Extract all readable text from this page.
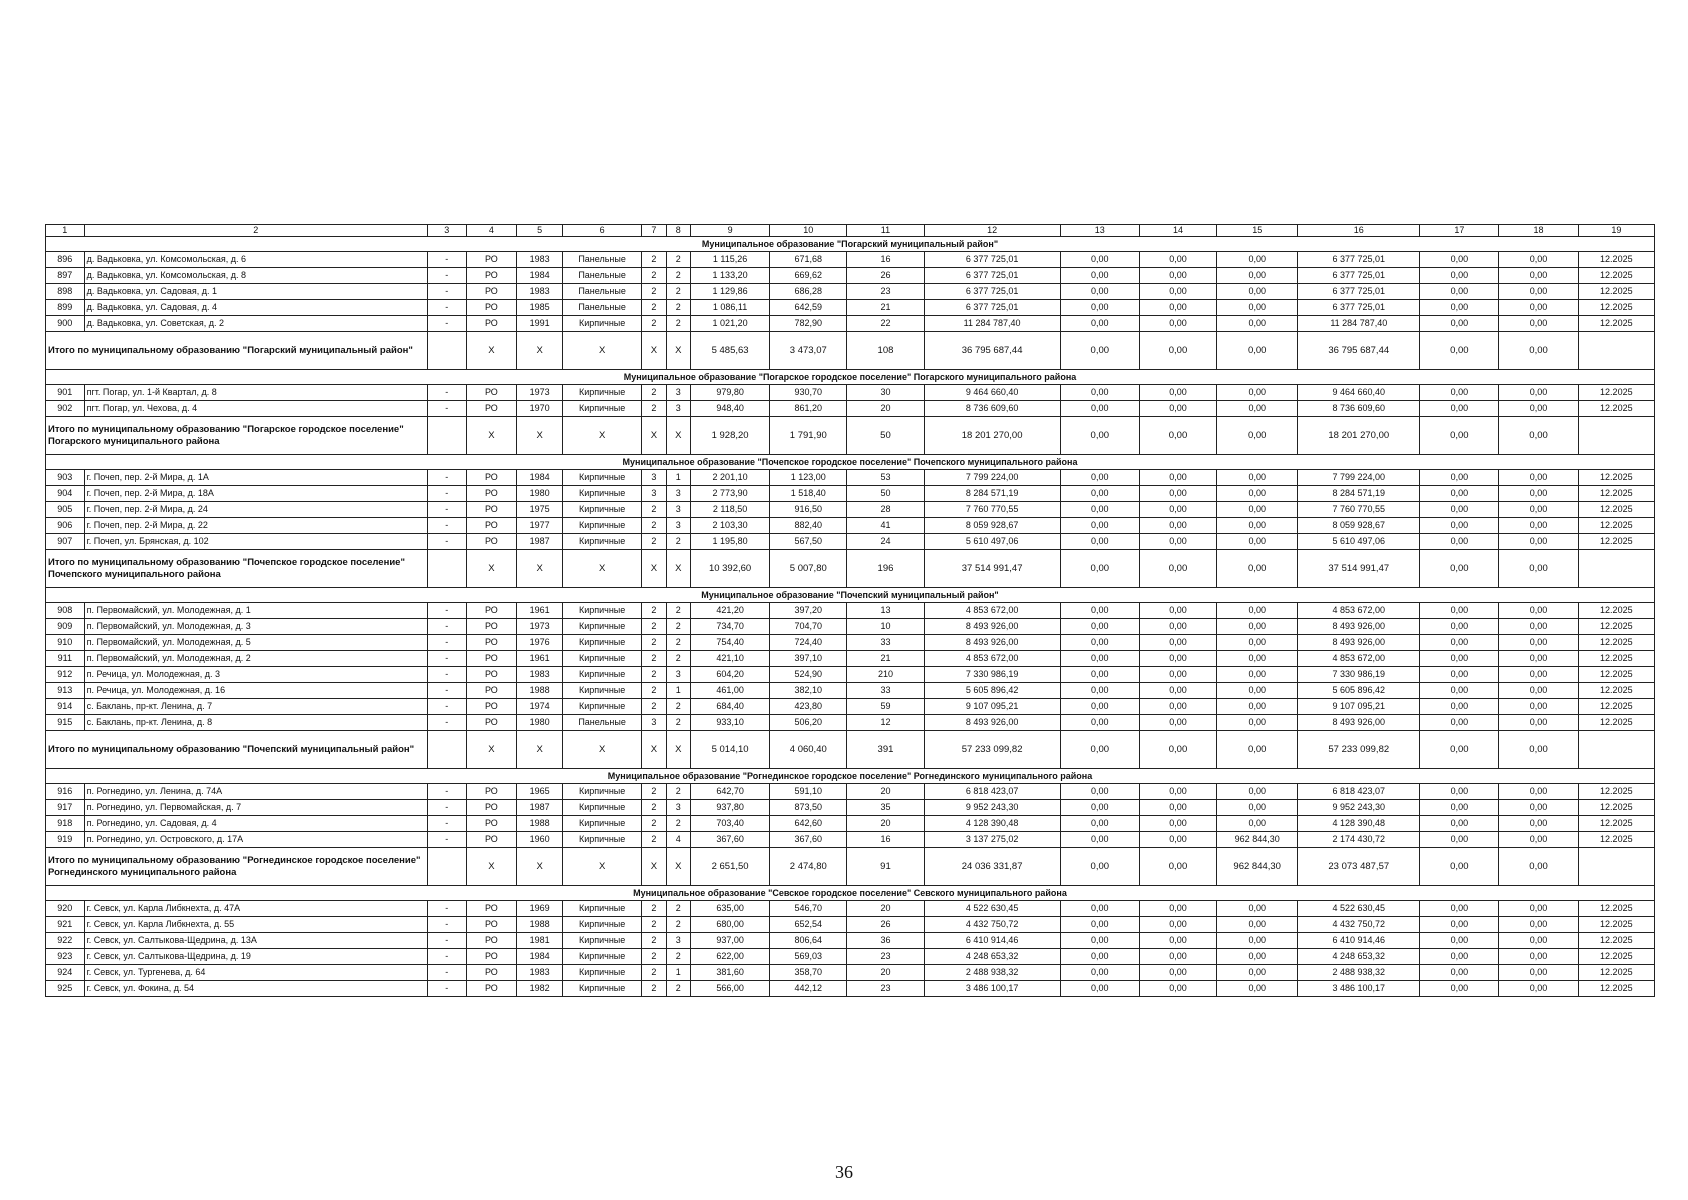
1	2	3	4	5	6	7	8	9	10	11	12	13	14	15	16	17	18	19
Муниципальное образование "Погарский муниципальный район"																		
896	д. Вадьковка, ул. Комсомольская, д. 6	-	РО	1983	Панельные	2	2	1 115,26	671,68	16	6 377 725,01	0,00	0,00	0,00	6 377 725,01	0,00	0,00	12.2025
897	д. Вадьковка, ул. Комсомольская, д. 8	-	РО	1984	Панельные	2	2	1 133,20	669,62	26	6 377 725,01	0,00	0,00	0,00	6 377 725,01	0,00	0,00	12.2025
898	д. Вадьковка, ул. Садовая, д. 1	-	РО	1983	Панельные	2	2	1 129,86	686,28	23	6 377 725,01	0,00	0,00	0,00	6 377 725,01	0,00	0,00	12.2025
899	д. Вадьковка, ул. Садовая, д. 4	-	РО	1985	Панельные	2	2	1 086,11	642,59	21	6 377 725,01	0,00	0,00	0,00	6 377 725,01	0,00	0,00	12.2025
900	д. Вадьковка, ул. Советская, д. 2	-	РО	1991	Кирпичные	2	2	1 021,20	782,90	22	11 284 787,40	0,00	0,00	0,00	11 284 787,40	0,00	0,00	12.2025
Итого по муниципальному образованию "Погарский муниципальный район"			Х	Х	Х	Х	Х	5 485,63	3 473,07	108	36 795 687,44	0,00	0,00	0,00	36 795 687,44	0,00	0,00	
Муниципальное образование "Погарское городское поселение" Погарского муниципального района																		
901	пгт. Погар, ул. 1-й Квартал, д. 8	-	РО	1973	Кирпичные	2	3	979,80	930,70	30	9 464 660,40	0,00	0,00	0,00	9 464 660,40	0,00	0,00	12.2025
902	пгт. Погар, ул. Чехова, д. 4	-	РО	1970	Кирпичные	2	3	948,40	861,20	20	8 736 609,60	0,00	0,00	0,00	8 736 609,60	0,00	0,00	12.2025
Итого по муниципальному образованию "Погарское городское поселение" Погарского муниципального района			Х	Х	Х	Х	Х	1 928,20	1 791,90	50	18 201 270,00	0,00	0,00	0,00	18 201 270,00	0,00	0,00	
Муниципальное образование "Почепское городское поселение" Почепского муниципального района																		
903	г. Почеп, пер. 2-й Мира, д. 1А	-	РО	1984	Кирпичные	3	1	2 201,10	1 123,00	53	7 799 224,00	0,00	0,00	0,00	7 799 224,00	0,00	0,00	12.2025
904	г. Почеп, пер. 2-й Мира, д. 18А	-	РО	1980	Кирпичные	3	3	2 773,90	1 518,40	50	8 284 571,19	0,00	0,00	0,00	8 284 571,19	0,00	0,00	12.2025
905	г. Почеп, пер. 2-й Мира, д. 24	-	РО	1975	Кирпичные	2	3	2 118,50	916,50	28	7 760 770,55	0,00	0,00	0,00	7 760 770,55	0,00	0,00	12.2025
906	г. Почеп, пер. 2-й Мира, д. 22	-	РО	1977	Кирпичные	2	3	2 103,30	882,40	41	8 059 928,67	0,00	0,00	0,00	8 059 928,67	0,00	0,00	12.2025
907	г. Почеп, ул. Брянская, д. 102	-	РО	1987	Кирпичные	2	2	1 195,80	567,50	24	5 610 497,06	0,00	0,00	0,00	5 610 497,06	0,00	0,00	12.2025
Итого по муниципальному образованию "Почепское городское поселение" Почепского муниципального района			Х	Х	Х	Х	Х	10 392,60	5 007,80	196	37 514 991,47	0,00	0,00	0,00	37 514 991,47	0,00	0,00	
Муниципальное образование "Почепский муниципальный район"																		
908	п. Первомайский, ул. Молодежная, д. 1	-	РО	1961	Кирпичные	2	2	421,20	397,20	13	4 853 672,00	0,00	0,00	0,00	4 853 672,00	0,00	0,00	12.2025
909	п. Первомайский, ул. Молодежная, д. 3	-	РО	1973	Кирпичные	2	2	734,70	704,70	10	8 493 926,00	0,00	0,00	0,00	8 493 926,00	0,00	0,00	12.2025
910	п. Первомайский, ул. Молодежная, д. 5	-	РО	1976	Кирпичные	2	2	754,40	724,40	33	8 493 926,00	0,00	0,00	0,00	8 493 926,00	0,00	0,00	12.2025
911	п. Первомайский, ул. Молодежная, д. 2	-	РО	1961	Кирпичные	2	2	421,10	397,10	21	4 853 672,00	0,00	0,00	0,00	4 853 672,00	0,00	0,00	12.2025
912	п. Речица, ул. Молодежная, д. 3	-	РО	1983	Кирпичные	2	3	604,20	524,90	210	7 330 986,19	0,00	0,00	0,00	7 330 986,19	0,00	0,00	12.2025
913	п. Речица, ул. Молодежная, д. 16	-	РО	1988	Кирпичные	2	1	461,00	382,10	33	5 605 896,42	0,00	0,00	0,00	5 605 896,42	0,00	0,00	12.2025
914	с. Баклань, пр-кт. Ленина, д. 7	-	РО	1974	Кирпичные	2	2	684,40	423,80	59	9 107 095,21	0,00	0,00	0,00	9 107 095,21	0,00	0,00	12.2025
915	с. Баклань, пр-кт. Ленина, д. 8	-	РО	1980	Панельные	3	2	933,10	506,20	12	8 493 926,00	0,00	0,00	0,00	8 493 926,00	0,00	0,00	12.2025
Итого по муниципальному образованию "Почепский муниципальный район"			Х	Х	Х	Х	Х	5 014,10	4 060,40	391	57 233 099,82	0,00	0,00	0,00	57 233 099,82	0,00	0,00	
Муниципальное образование "Рогнединское городское поселение" Рогнединского муниципального района																		
916	п. Рогнедино, ул. Ленина, д. 74А	-	РО	1965	Кирпичные	2	2	642,70	591,10	20	6 818 423,07	0,00	0,00	0,00	6 818 423,07	0,00	0,00	12.2025
917	п. Рогнедино, ул. Первомайская, д. 7	-	РО	1987	Кирпичные	2	3	937,80	873,50	35	9 952 243,30	0,00	0,00	0,00	9 952 243,30	0,00	0,00	12.2025
918	п. Рогнедино, ул. Садовая, д. 4	-	РО	1988	Кирпичные	2	2	703,40	642,60	20	4 128 390,48	0,00	0,00	0,00	4 128 390,48	0,00	0,00	12.2025
919	п. Рогнедино, ул. Островского, д. 17А	-	РО	1960	Кирпичные	2	4	367,60	367,60	16	3 137 275,02	0,00	0,00	962 844,30	2 174 430,72	0,00	0,00	12.2025
Итого по муниципальному образованию "Рогнединское городское поселение" Рогнединского муниципального района			Х	Х	Х	Х	Х	2 651,50	2 474,80	91	24 036 331,87	0,00	0,00	962 844,30	23 073 487,57	0,00	0,00	
Муниципальное образование "Севское городское поселение" Севского муниципального района																		
920	г. Севск, ул. Карла Либкнехта, д. 47А	-	РО	1969	Кирпичные	2	2	635,00	546,70	20	4 522 630,45	0,00	0,00	0,00	4 522 630,45	0,00	0,00	12.2025
921	г. Севск, ул. Карла Либкнехта, д. 55	-	РО	1988	Кирпичные	2	2	680,00	652,54	26	4 432 750,72	0,00	0,00	0,00	4 432 750,72	0,00	0,00	12.2025
922	г. Севск, ул. Салтыкова-Щедрина, д. 13А	-	РО	1981	Кирпичные	2	3	937,00	806,64	36	6 410 914,46	0,00	0,00	0,00	6 410 914,46	0,00	0,00	12.2025
923	г. Севск, ул. Салтыкова-Щедрина, д. 19	-	РО	1984	Кирпичные	2	2	622,00	569,03	23	4 248 653,32	0,00	0,00	0,00	4 248 653,32	0,00	0,00	12.2025
924	г. Севск, ул. Тургенева, д. 64	-	РО	1983	Кирпичные	2	1	381,60	358,70	20	2 488 938,32	0,00	0,00	0,00	2 488 938,32	0,00	0,00	12.2025
925	г. Севск, ул. Фокина, д. 54	-	РО	1982	Кирпичные	2	2	566,00	442,12	23	3 486 100,17	0,00	0,00	0,00	3 486 100,17	0,00	0,00	12.2025
36
